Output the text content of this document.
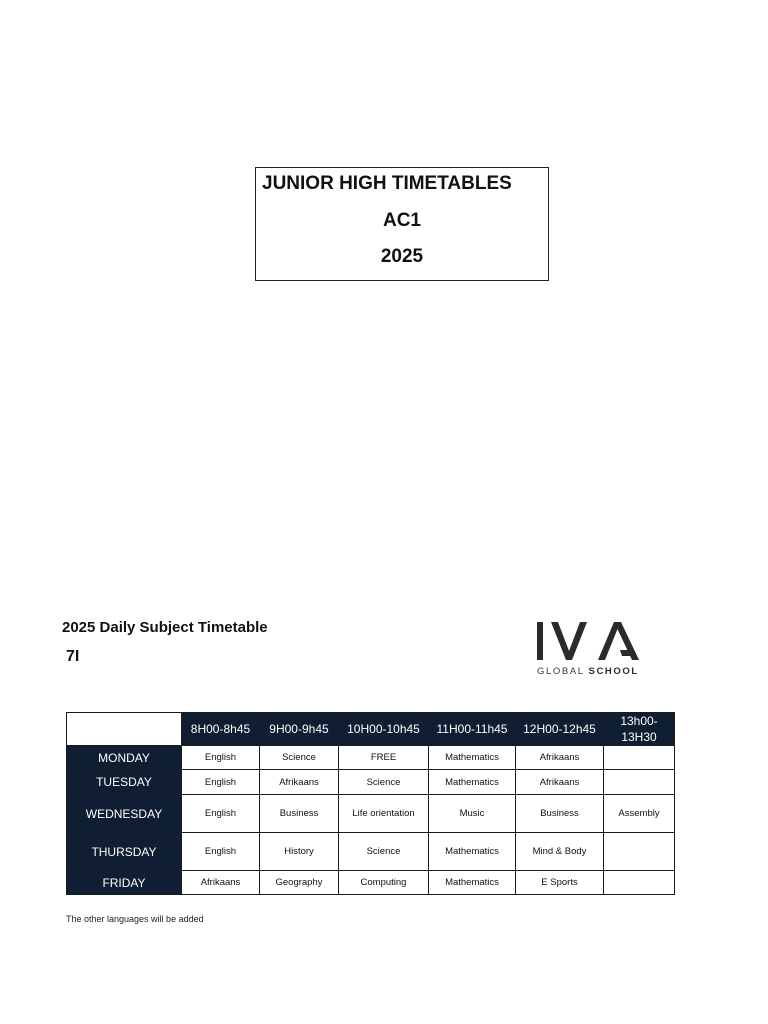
JUNIOR HIGH TIMETABLES
AC1
2025
2025 Daily Subject Timetable
7I
GLOBAL SCHOOL
	8H00-8h45	9H00-9h45	10H00-10h45	11H00-11h45	12H00-12h45	13h00-13H30
MONDAY	English	Science	FREE	Mathematics	Afrikaans	
TUESDAY	English	Afrikaans	Science	Mathematics	Afrikaans	
WEDNESDAY	English	Business	Life orientation	Music	Business	Assembly
THURSDAY	English	History	Science	Mathematics	Mind & Body	
FRIDAY	Afrikaans	Geography	Computing	Mathematics	E Sports	
The other languages will be added
